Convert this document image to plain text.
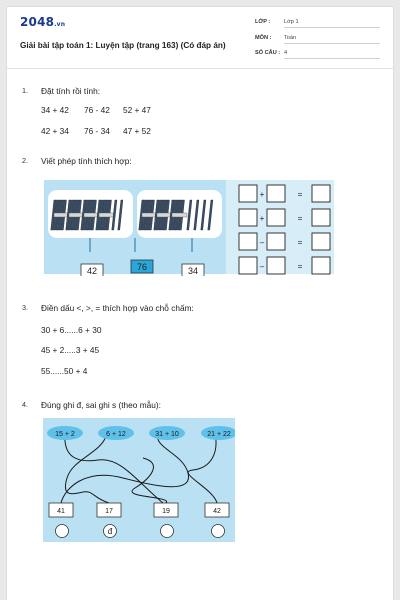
2048.vn
Giải bài tập toán 1: Luyện tập (trang 163) (Có đáp án)
LỚP : Lớp 1
MÔN : Toán
SỐ CÂU : 4
1. Đặt tính rồi tính:
34 + 42 76 - 42 52 + 47
42 + 34 76 - 34 47 + 52
2. Viết phép tính thích hợp:
42	76	34
+	=
+	=
–	=
–	=
3. Điền dấu <, >, = thích hợp vào chỗ chấm:
30 + 6......6 + 30
45 + 2.....3 + 45
55......50 + 4
4. Đúng ghi đ, sai ghi s (theo mẫu):
15 + 2	6 + 12	31 + 10	21 + 22
41	17
đ
19	42
